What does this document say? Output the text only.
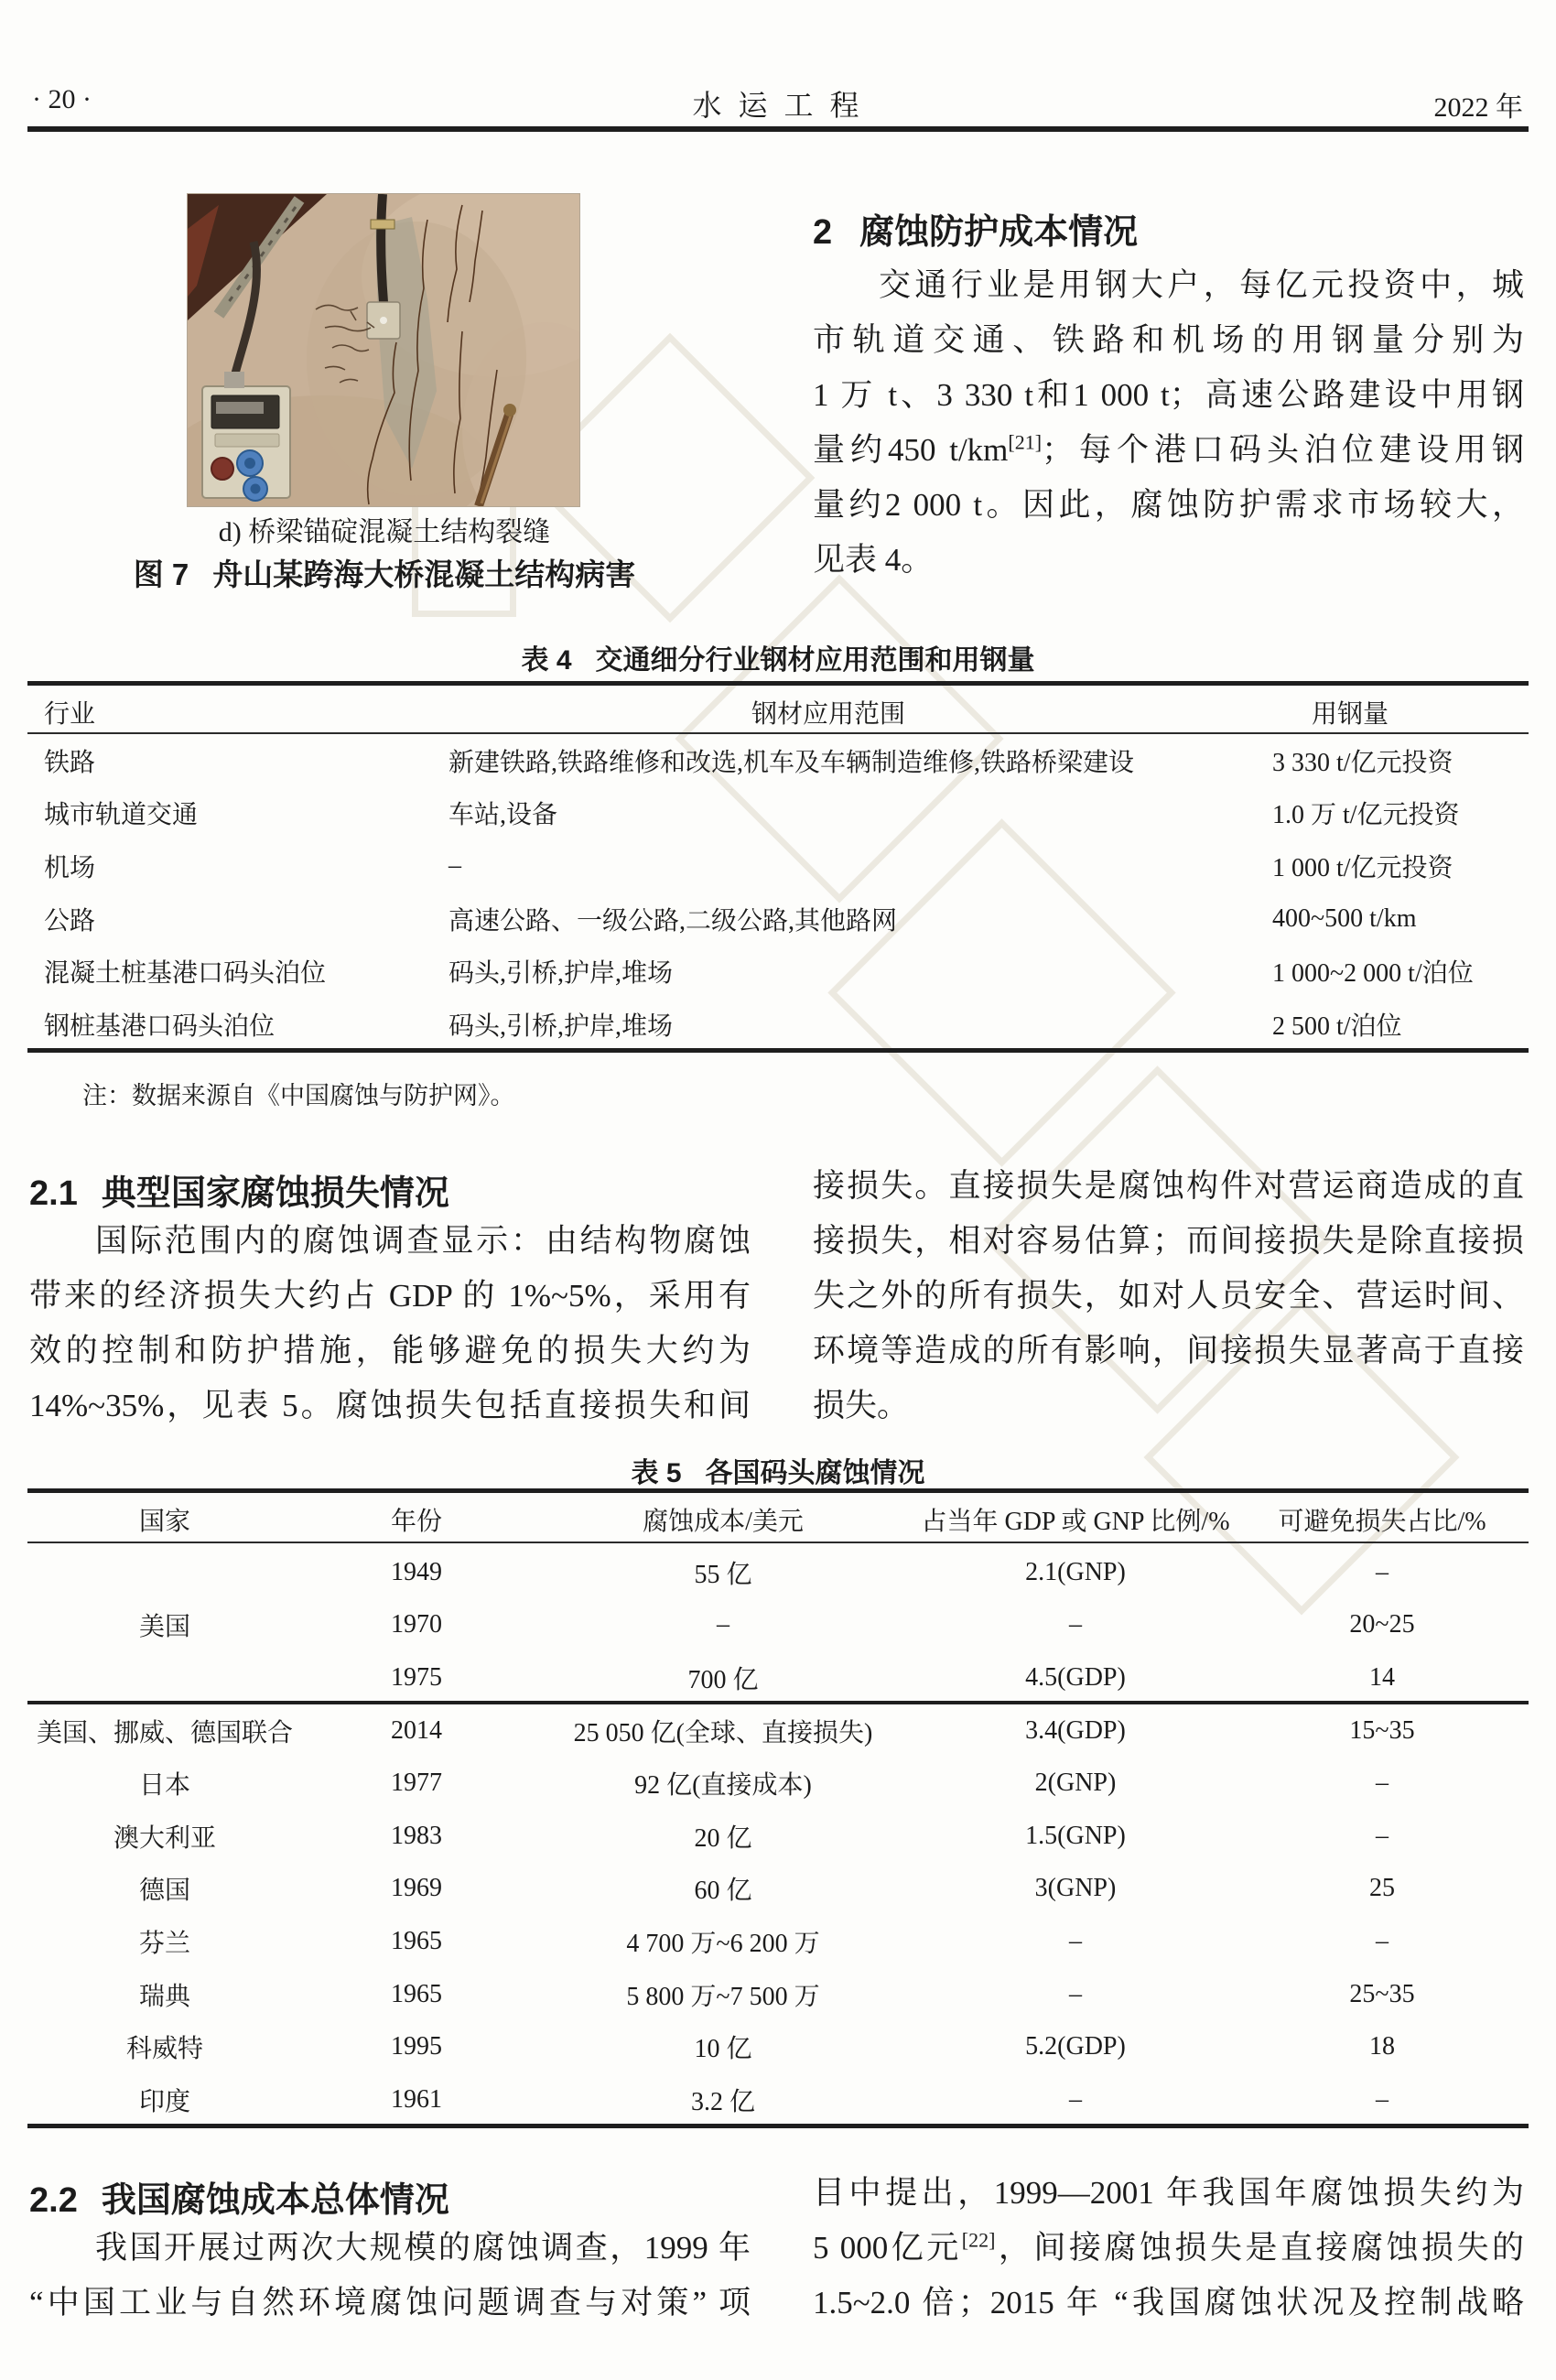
· 20 ·	水 运 工 程	2022 年
d) 桥梁锚碇混凝土结构裂缝
图 7 舟山某跨海大桥混凝土结构病害
2 腐蚀防护成本情况
交通行业是用钢大户，每亿元投资中，城
市轨道交通、铁路和机场的用钢量分别为
1 万 t、3 330 t和1 000 t；高速公路建设中用钢
量约450 t/km[21]；每个港口码头泊位建设用钢
量约2 000 t。因此，腐蚀防护需求市场较大，
见表 4。
表 4 交通细分行业钢材应用范围和用钢量
行业	钢材应用范围	用钢量
铁路	新建铁路,铁路维修和改选,机车及车辆制造维修,铁路桥梁建设	3 330 t/亿元投资
城市轨道交通	车站,设备	1.0 万 t/亿元投资
机场	–	1 000 t/亿元投资
公路	高速公路、一级公路,二级公路,其他路网	400~500 t/km
混凝土桩基港口码头泊位	码头,引桥,护岸,堆场	1 000~2 000 t/泊位
钢桩基港口码头泊位	码头,引桥,护岸,堆场	2 500 t/泊位
注：数据来源自《中国腐蚀与防护网》。
2.1 典型国家腐蚀损失情况
国际范围内的腐蚀调查显示：由结构物腐蚀
带来的经济损失大约占 GDP 的 1%~5%，采用有
效的控制和防护措施，能够避免的损失大约为
14%~35%，见表 5。腐蚀损失包括直接损失和间
接损失。直接损失是腐蚀构件对营运商造成的直
接损失，相对容易估算；而间接损失是除直接损
失之外的所有损失，如对人员安全、营运时间、
环境等造成的所有影响，间接损失显著高于直接
损失。
表 5 各国码头腐蚀情况
国家	年份	腐蚀成本/美元	占当年 GDP 或 GNP 比例/%	可避免损失占比/%
1949	55 亿	2.1(GNP)	–
美国	1970	–	–	20~25
1975	700 亿	4.5(GDP)	14
美国、挪威、德国联合	2014	25 050 亿(全球、直接损失)	3.4(GDP)	15~35
日本	1977	92 亿(直接成本)	2(GNP)	–
澳大利亚	1983	20 亿	1.5(GNP)	–
德国	1969	60 亿	3(GNP)	25
芬兰	1965	4 700 万~6 200 万	–	–
瑞典	1965	5 800 万~7 500 万	–	25~35
科威特	1995	10 亿	5.2(GDP)	18
印度	1961	3.2 亿	–	–
2.2 我国腐蚀成本总体情况
我国开展过两次大规模的腐蚀调查，1999 年
“中国工业与自然环境腐蚀问题调查与对策” 项
目中提出，1999—2001 年我国年腐蚀损失约为
5 000亿元[22]，间接腐蚀损失是直接腐蚀损失的
1.5~2.0 倍；2015 年 “我国腐蚀状况及控制战略
